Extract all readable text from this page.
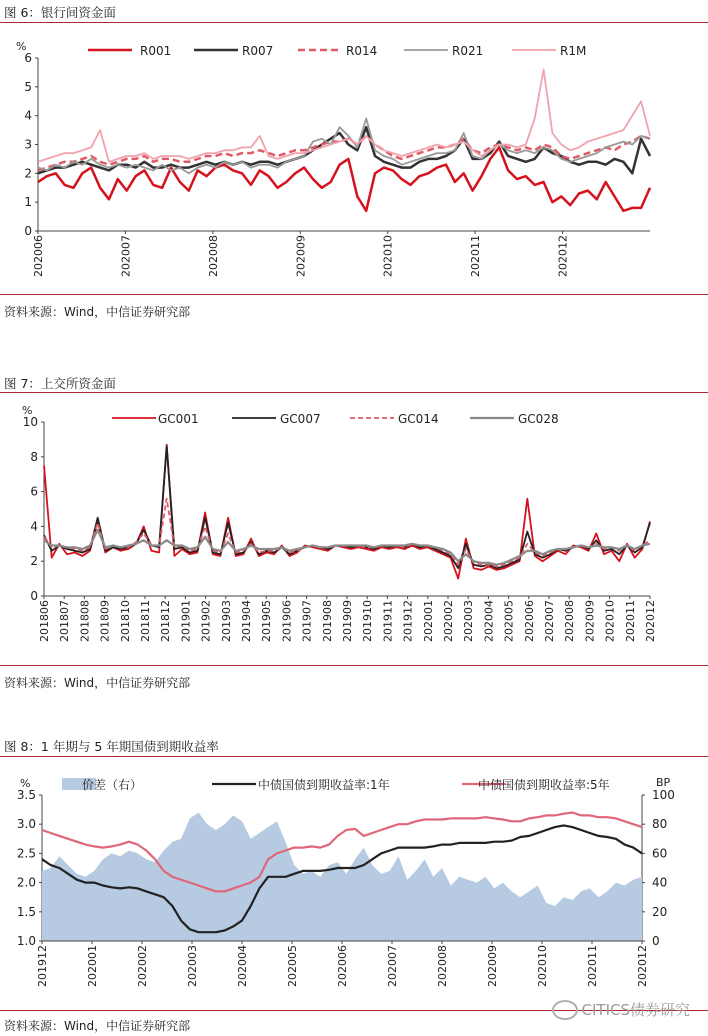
图 6：银行间资金面
0
1
2
3
4
5
6
%
202006	202007	202008	202009	202010	202011	202012
R001	R007	R014	R021	R1M
资料来源：Wind，中信证券研究部
图 7：上交所资金面
0
2
4
6
8
10
%
201806 201807 201808 201809 201810 201811 201812 201901 201902 201903 201904 201905 201906 201907 201908 201909 201910 201911 201912 202001 202002 202003 202004 202005 202006 202007 202008 202009 202010 202011 202012
GC001	GC007	GC014	GC028
资料来源：Wind，中信证券研究部
图 8：1 年期与 5 年期国债到期收益率
1.0
1.5
2.0
2.5
3.0
3.5
%
0
20
40
60
80
100
BP
201912	202001	202002	202003	202004	202005	202006	202007	202008	202009	202010	202011	202012
价差（右）	中债国债到期收益率:1年	中债国债到期收益率:5年
资料来源：Wind，中信证券研究部
CITICS债券研究
